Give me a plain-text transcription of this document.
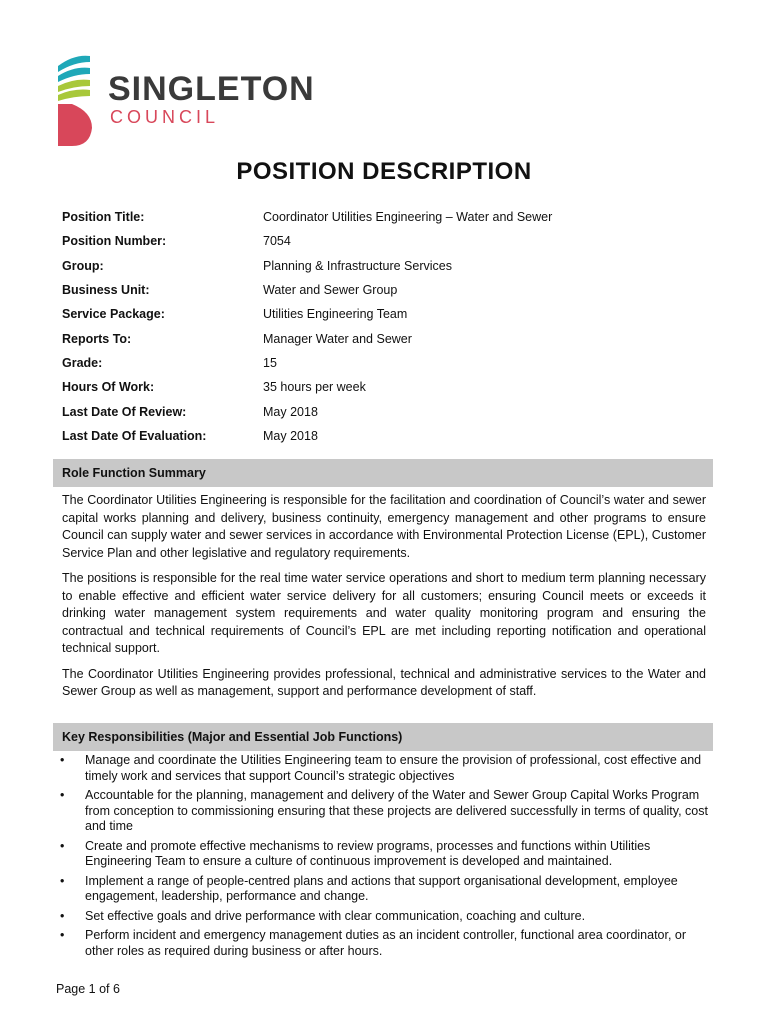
SINGLETON
COUNCIL
POSITION DESCRIPTION
Position Title:	Coordinator Utilities Engineering – Water and Sewer
Position Number:	7054
Group:	Planning & Infrastructure Services
Business Unit:	Water and Sewer Group
Service Package:	Utilities Engineering Team
Reports To:	Manager Water and Sewer
Grade:	15
Hours Of Work:	35 hours per week
Last Date Of Review:	May 2018
Last Date Of Evaluation:	May 2018
Role Function Summary

The Coordinator Utilities Engineering is responsible for the facilitation and coordination of Council’s water and sewer capital works planning and delivery, business continuity, emergency management and other programs to ensure Council can supply water and sewer services in accordance with Environmental Protection License (EPL), Customer Service Plan and other legislative and regulatory requirements.

The positions is responsible for the real time water service operations and short to medium term planning necessary to enable effective and efficient water service delivery for all customers; ensuring Council meets or exceeds it drinking water management system requirements and water quality monitoring program and ensuring the contractual and technical requirements of Council’s EPL are met including reporting notification and operational technical support.

The Coordinator Utilities Engineering provides professional, technical and administrative services to the Water and Sewer Group as well as management, support and performance development of staff.

Key Responsibilities (Major and Essential Job Functions)
•	Manage and coordinate the Utilities Engineering team to ensure the provision of professional, cost effective and timely work and services that support Council’s strategic objectives
•	Accountable for the planning, management and delivery of the Water and Sewer Group Capital Works Program from conception to commissioning ensuring that these projects are delivered successfully in terms of quality, cost and time
•	Create and promote effective mechanisms to review programs, processes and functions within Utilities Engineering Team to ensure a culture of continuous improvement is developed and maintained.
•	Implement a range of people-centred plans and actions that support organisational development, employee engagement, leadership, performance and change.
•	Set effective goals and drive performance with clear communication, coaching and culture.
•	Perform incident and emergency management duties as an incident controller, functional area coordinator, or other roles as required during business or after hours.
Page 1 of 6
